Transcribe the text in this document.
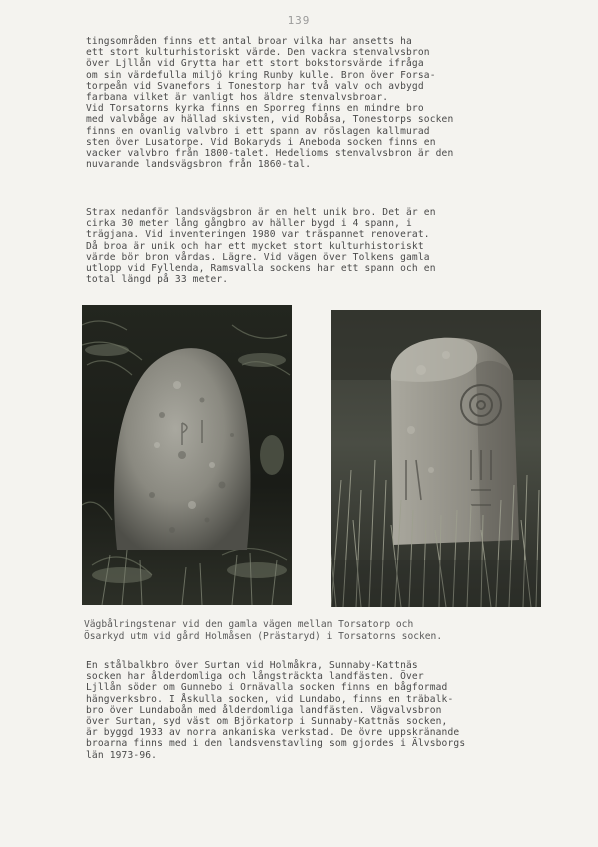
139
tingsområden finns ett antal broar vilka har ansetts ha
ett stort kulturhistoriskt värde. Den vackra stenvalvsbron
över Ljllån vid Grytta har ett stort bokstorsvärde ifråga
om sin värdefulla miljö kring Runby kulle. Bron över Forsa-
torpeån vid Svanefors i Tonestorp har två valv och avbygd
farbana vilket är vanligt hos äldre stenvalvsbroar.
Vid Torsatorns kyrka finns en Sporreg finns en mindre bro
med valvbåge av hällad skivsten, vid Robåsa, Tonestorps socken
finns en ovanlig valvbro i ett spann av röslagen kallmurad
sten över Lusatorpe. Vid Bokaryds i Aneboda socken finns en
vacker valvbro från 1800-talet. Hedelioms stenvalvsbron är den
nuvarande landsvägsbron från 1860-tal.
Strax nedanför landsvägsbron är en helt unik bro. Det är en
cirka 30 meter lång gångbro av häller bygd i 4 spann, i
trägjana. Vid inventeringen 1980 var träspannet renoverat.
Då broa är unik och har ett mycket stort kulturhistoriskt
värde bör bron vårdas. Lägre. Vid vägen över Tolkens gamla
utlopp vid Fyllenda, Ramsvalla sockens har ett spann och en
total längd på 33 meter.
Vägbålringstenar vid den gamla vägen mellan Torsatorp och
Ösarkyd utm vid gård Holmåsen (Prästaryd) i Torsatorns socken.
En stålbalkbro över Surtan vid Holmåkra, Sunnaby-Kattnäs
socken har ålderdomliga och långsträckta landfästen. Över
Ljllån söder om Gunnebo i Ornävalla socken finns en bågformad
hängverksbro. I Åskulla socken, vid Lundabo, finns en träbalk-
bro över Lundaboån med ålderdomliga landfästen. Vägvalvsbron
över Surtan, syd väst om Björkatorp i Sunnaby-Kattnäs socken,
är byggd 1933 av norra ankaniska verkstad. De övre uppskränande
broarna finns med i den landsvenstavling som gjordes i Älvsborgs
län 1973-96.
